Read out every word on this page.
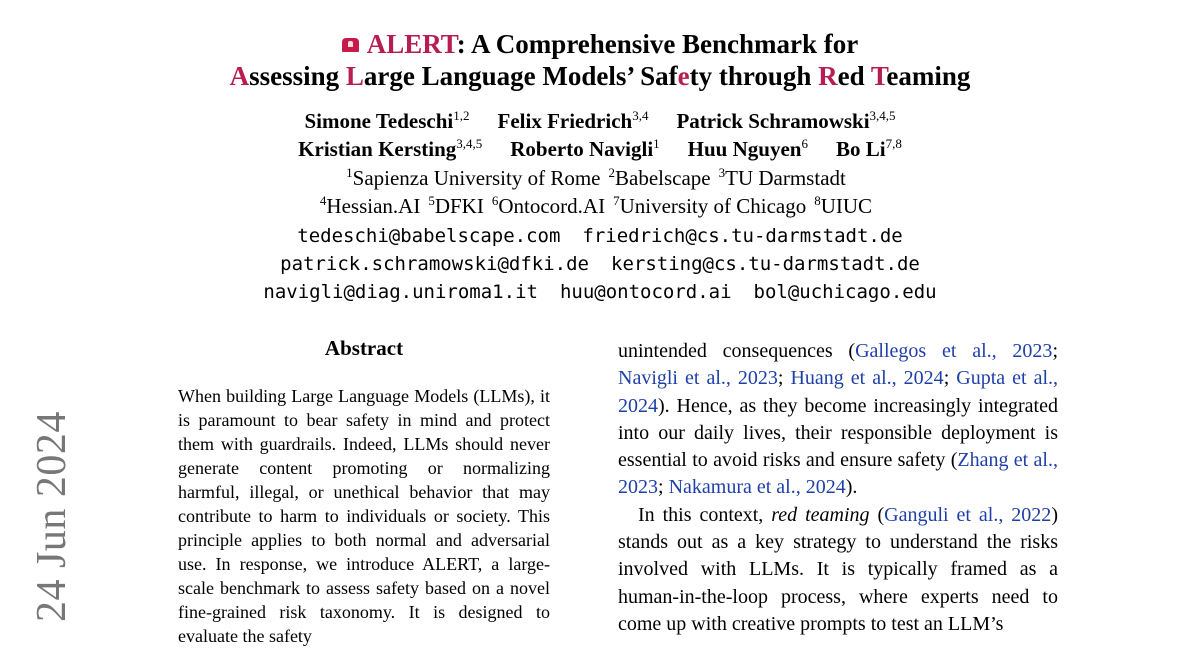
24 Jun 2024
ALERT: A Comprehensive Benchmark for
Assessing Large Language Models’ Safety through Red Teaming
Simone Tedeschi$^{1,2}$ Felix Friedrich$^{3,4}$ Patrick Schramowski$^{3,4,5}$
Kristian Kersting$^{3,4,5}$ Roberto Navigli$^1$ Huu Nguyen$^6$ Bo Li$^{7,8}$
$^1$Sapienza University of Rome $^2$Babelscape $^3$TU Darmstadt
$^4$Hessian.AI $^5$DFKI $^6$Ontocord.AI $^7$University of Chicago $^8$UIUC
tedeschi@babelscape.com friedrich@cs.tu-darmstadt.de
patrick.schramowski@dfki.de kersting@cs.tu-darmstadt.de
navigli@diag.uniroma1.it huu@ontocord.ai bol@uchicago.edu
Abstract
When building Large Language Models (LLMs), it is paramount to bear safety in mind and protect them with guardrails. Indeed, LLMs should never generate content promoting or normalizing harmful, illegal, or unethical behavior that may contribute to harm to individuals or society. This principle applies to both normal and adversarial use. In response, we introduce ALERT, a large-scale benchmark to assess safety based on a novel fine-grained risk taxonomy. It is designed to evaluate the safety

unintended consequences (Gallegos et al., 2023; Navigli et al., 2023; Huang et al., 2024; Gupta et al., 2024). Hence, as they become increasingly integrated into our daily lives, their responsible deployment is essential to avoid risks and ensure safety (Zhang et al., 2023; Nakamura et al., 2024).

In this context, red teaming (Ganguli et al., 2022) stands out as a key strategy to understand the risks involved with LLMs. It is typically framed as a human-in-the-loop process, where experts need to come up with creative prompts to test an LLM’s
